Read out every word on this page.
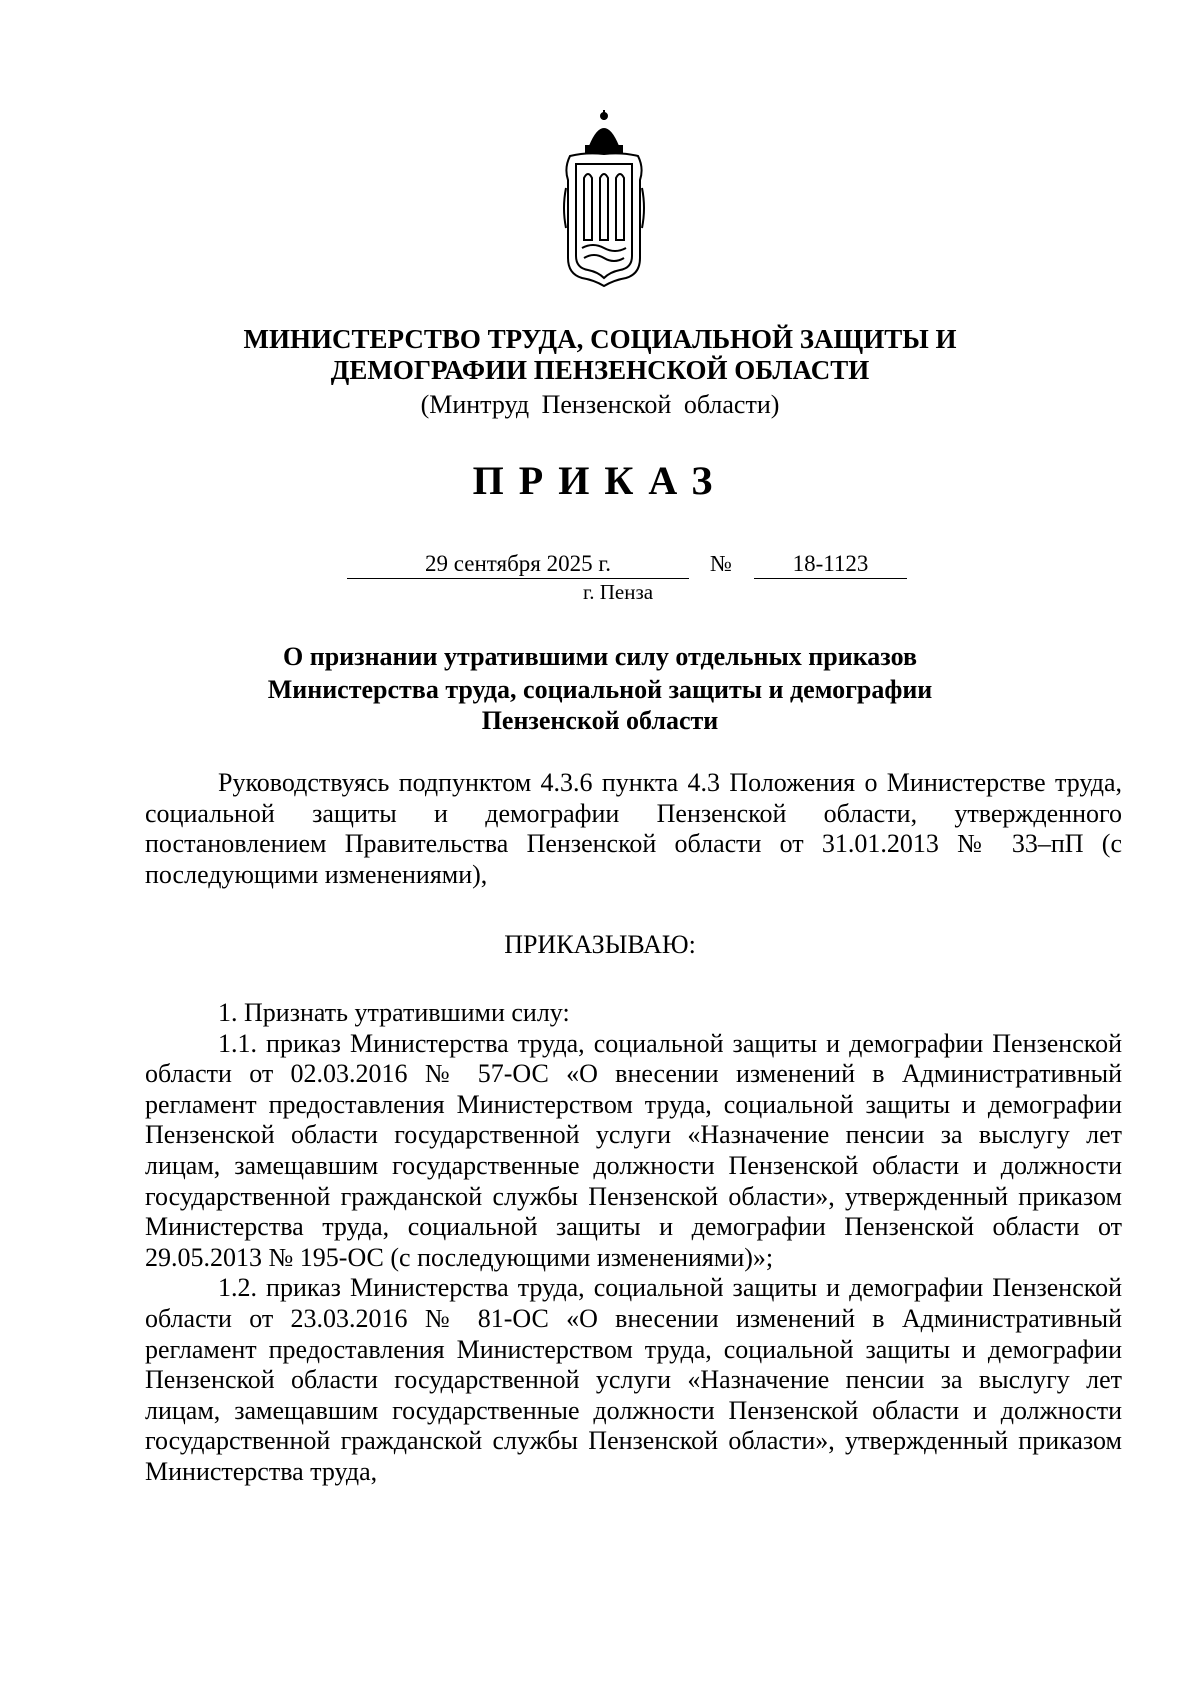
МИНИСТЕРСТВО ТРУДА, СОЦИАЛЬНОЙ ЗАЩИТЫ И
ДЕМОГРАФИИ ПЕНЗЕНСКОЙ ОБЛАСТИ
(Минтруд Пензенской области)
ПРИКАЗ
29 сентября 2025 г.	№	18-1123
г. Пенза
О признании утратившими силу отдельных приказов
Министерства труда, социальной защиты и демографии
Пензенской области

Руководствуясь подпунктом 4.3.6 пункта 4.3 Положения о Министерстве труда, социальной защиты и демографии Пензенской области, утвержденного постановлением Правительства Пензенской области от 31.01.2013 № 33–пП (с последующими изменениями),

ПРИКАЗЫВАЮ:

1. Признать утратившими силу:

1.1. приказ Министерства труда, социальной защиты и демографии Пензенской области от 02.03.2016 № 57-ОС «О внесении изменений в Административный регламент предоставления Министерством труда, социальной защиты и демографии Пензенской области государственной услуги «Назначение пенсии за выслугу лет лицам, замещавшим государственные должности Пензенской области и должности государственной гражданской службы Пензенской области», утвержденный приказом Министерства труда, социальной защиты и демографии Пензенской области от 29.05.2013 № 195-ОС (с последующими изменениями)»;

1.2. приказ Министерства труда, социальной защиты и демографии Пензенской области от 23.03.2016 № 81-ОС «О внесении изменений в Административный регламент предоставления Министерством труда, социальной защиты и демографии Пензенской области государственной услуги «Назначение пенсии за выслугу лет лицам, замещавшим государственные должности Пензенской области и должности государственной гражданской службы Пензенской области», утвержденный приказом Министерства труда,
